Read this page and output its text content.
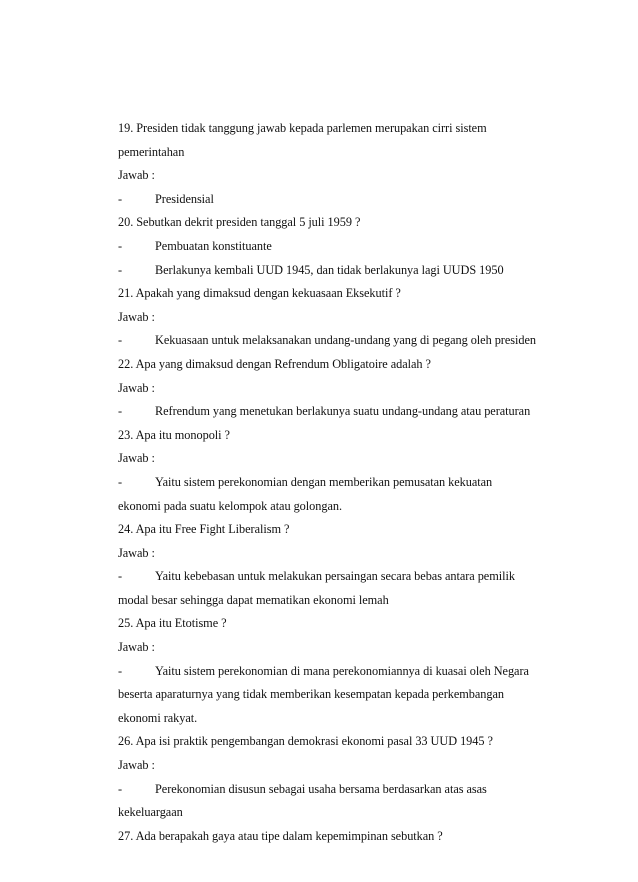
19. Presiden tidak tanggung jawab kepada parlemen merupakan cirri sistem
pemerintahan
Jawab :
-	Presidensial
20. Sebutkan dekrit presiden tanggal 5 juli 1959 ?
-	Pembuatan konstituante
-	Berlakunya kembali UUD 1945, dan tidak berlakunya lagi UUDS 1950
21. Apakah yang dimaksud dengan kekuasaan Eksekutif ?
Jawab :
-	Kekuasaan untuk melaksanakan undang-undang yang di pegang oleh presiden
22. Apa yang dimaksud dengan Refrendum Obligatoire adalah ?
Jawab :
-	Refrendum yang menetukan berlakunya suatu undang-undang atau peraturan
23. Apa itu monopoli ?
Jawab :
-	Yaitu sistem perekonomian dengan memberikan pemusatan kekuatan
ekonomi pada suatu kelompok atau golongan.
24. Apa itu Free Fight Liberalism ?
Jawab :
-	Yaitu kebebasan untuk melakukan persaingan secara bebas antara pemilik
modal besar sehingga dapat mematikan ekonomi lemah
25. Apa itu Etotisme ?
Jawab :
-	Yaitu sistem perekonomian di mana perekonomiannya di kuasai oleh Negara
beserta aparaturnya yang tidak memberikan kesempatan kepada perkembangan
ekonomi rakyat.
26. Apa isi praktik pengembangan demokrasi ekonomi pasal 33 UUD 1945 ?
Jawab :
-	Perekonomian disusun sebagai usaha bersama berdasarkan atas asas
kekeluargaan
27. Ada berapakah gaya atau tipe dalam kepemimpinan sebutkan ?
